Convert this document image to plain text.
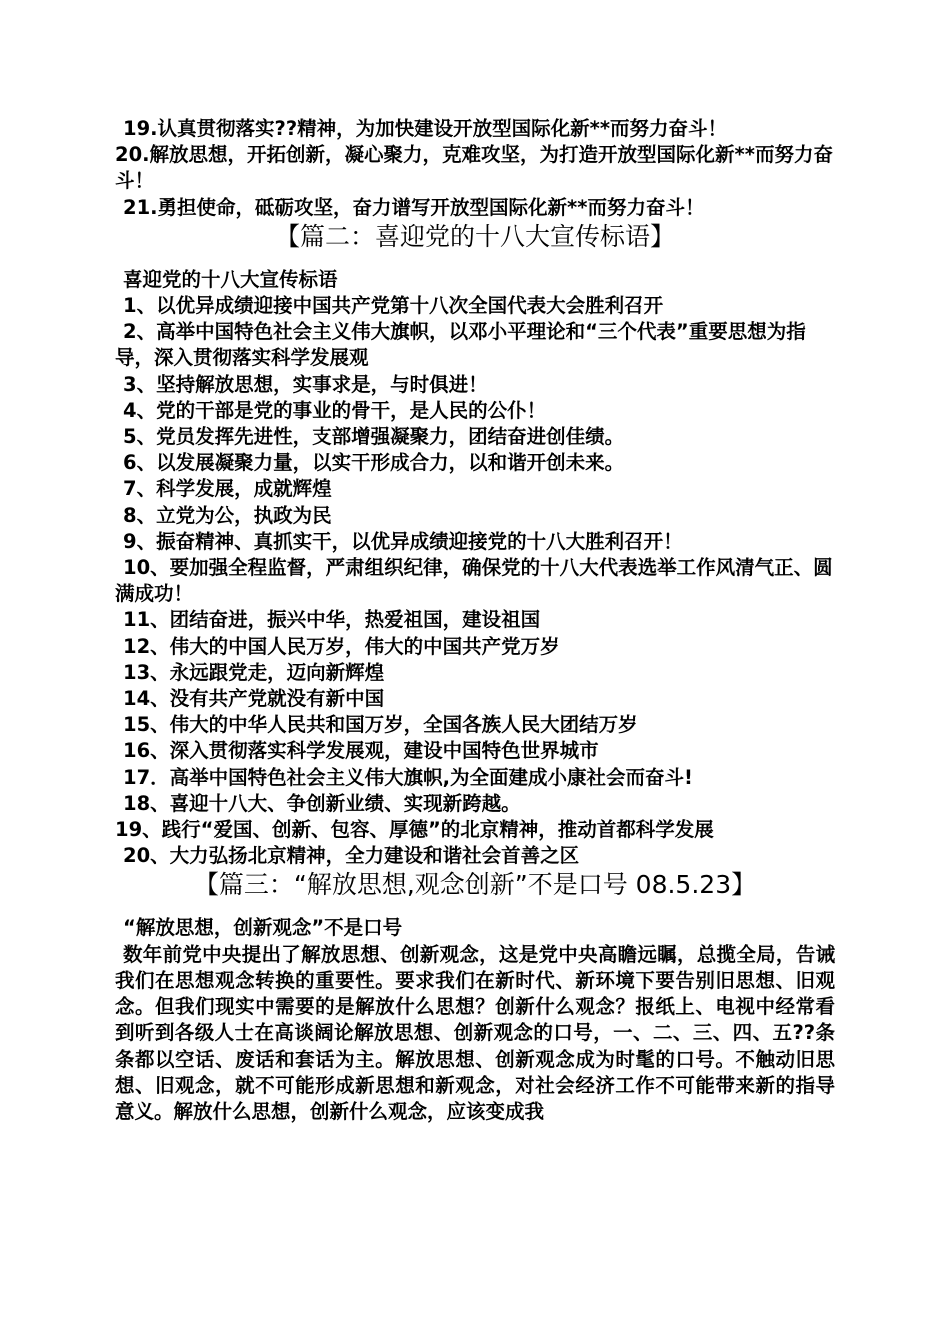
19.认真贯彻落实??精神，为加快建设开放型国际化新**而努力奋斗！
20.解放思想，开拓创新，凝心聚力，克难攻坚，为打造开放型国际化新**而努力奋斗！
21.勇担使命，砥砺攻坚，奋力谱写开放型国际化新**而努力奋斗！
【篇二：喜迎党的十八大宣传标语】
喜迎党的十八大宣传标语
1、以优异成绩迎接中国共产党第十八次全国代表大会胜利召开
2、高举中国特色社会主义伟大旗帜，以邓小平理论和“三个代表”重要思想为指导，深入贯彻落实科学发展观
3、坚持解放思想，实事求是，与时俱进！
4、党的干部是党的事业的骨干，是人民的公仆！
5、党员发挥先进性，支部增强凝聚力，团结奋进创佳绩。
6、以发展凝聚力量，以实干形成合力，以和谐开创未来。
7、科学发展，成就辉煌
8、立党为公，执政为民
9、振奋精神、真抓实干，以优异成绩迎接党的十八大胜利召开！
10、要加强全程监督，严肃组织纪律，确保党的十八大代表选举工作风清气正、圆满成功！
11、团结奋进，振兴中华，热爱祖国，建设祖国
12、伟大的中国人民万岁，伟大的中国共产党万岁
13、永远跟党走，迈向新辉煌
14、没有共产党就没有新中国
15、伟大的中华人民共和国万岁，全国各族人民大团结万岁
16、深入贯彻落实科学发展观，建设中国特色世界城市
17．高举中国特色社会主义伟大旗帜,为全面建成小康社会而奋斗!
18、喜迎十八大、争创新业绩、实现新跨越。
19、践行“爱国、创新、包容、厚德”的北京精神，推动首都科学发展
20、大力弘扬北京精神，全力建设和谐社会首善之区
【篇三：“解放思想,观念创新”不是口号 08.5.23】
“解放思想，创新观念”不是口号
数年前党中央提出了解放思想、创新观念，这是党中央高瞻远瞩，总揽全局，告诫我们在思想观念转换的重要性。要求我们在新时代、新环境下要告别旧思想、旧观念。但我们现实中需要的是解放什么思想？创新什么观念？报纸上、电视中经常看到听到各级人士在高谈阔论解放思想、创新观念的口号，一、二、三、四、五??条条都以空话、废话和套话为主。解放思想、创新观念成为时髦的口号。不触动旧思想、旧观念，就不可能形成新思想和新观念，对社会经济工作不可能带来新的指导意义。解放什么思想，创新什么观念，应该变成我
